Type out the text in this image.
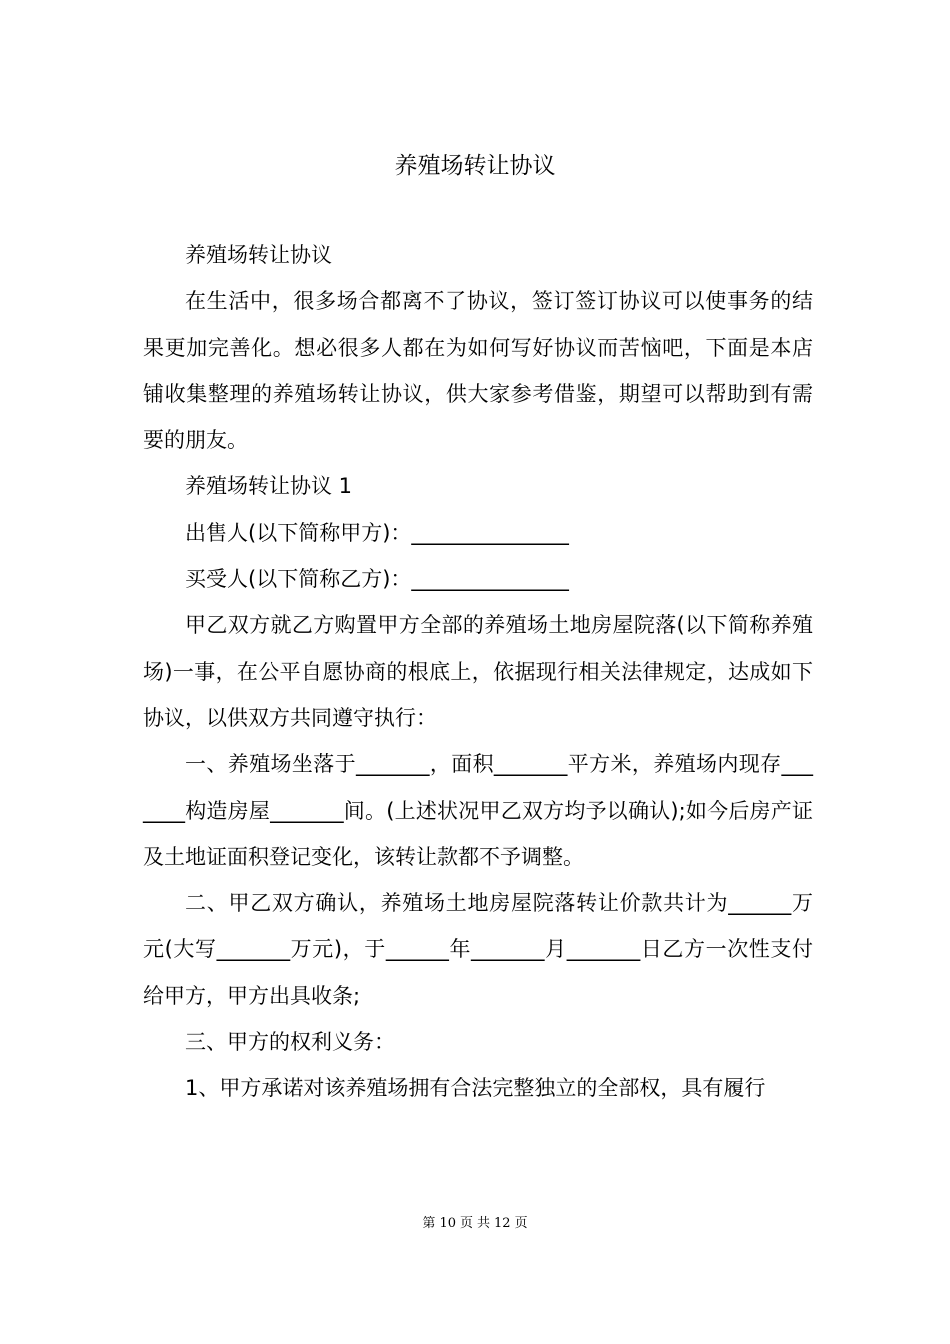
养殖场转让协议

养殖场转让协议

在生活中，很多场合都离不了协议，签订签订协议可以使事务的结果更加完善化。想必很多人都在为如何写好协议而苦恼吧，下面是本店铺收集整理的养殖场转让协议，供大家参考借鉴，期望可以帮助到有需要的朋友。

养殖场转让协议 1

出售人(以下简称甲方)：_______________

买受人(以下简称乙方)：_______________

甲乙双方就乙方购置甲方全部的养殖场土地房屋院落(以下简称养殖场)一事，在公平自愿协商的根底上，依据现行相关法律规定，达成如下协议，以供双方共同遵守执行：

一、养殖场坐落于_______，面积_______平方米，养殖场内现存_______构造房屋_______间。(上述状况甲乙双方均予以确认);如今后房产证及土地证面积登记变化，该转让款都不予调整。

二、甲乙双方确认，养殖场土地房屋院落转让价款共计为______万元(大写_______万元)，于______年_______月_______日乙方一次性支付给甲方，甲方出具收条;

三、甲方的权利义务：

1、甲方承诺对该养殖场拥有合法完整独立的全部权，具有履行

第 10 页 共 12 页
